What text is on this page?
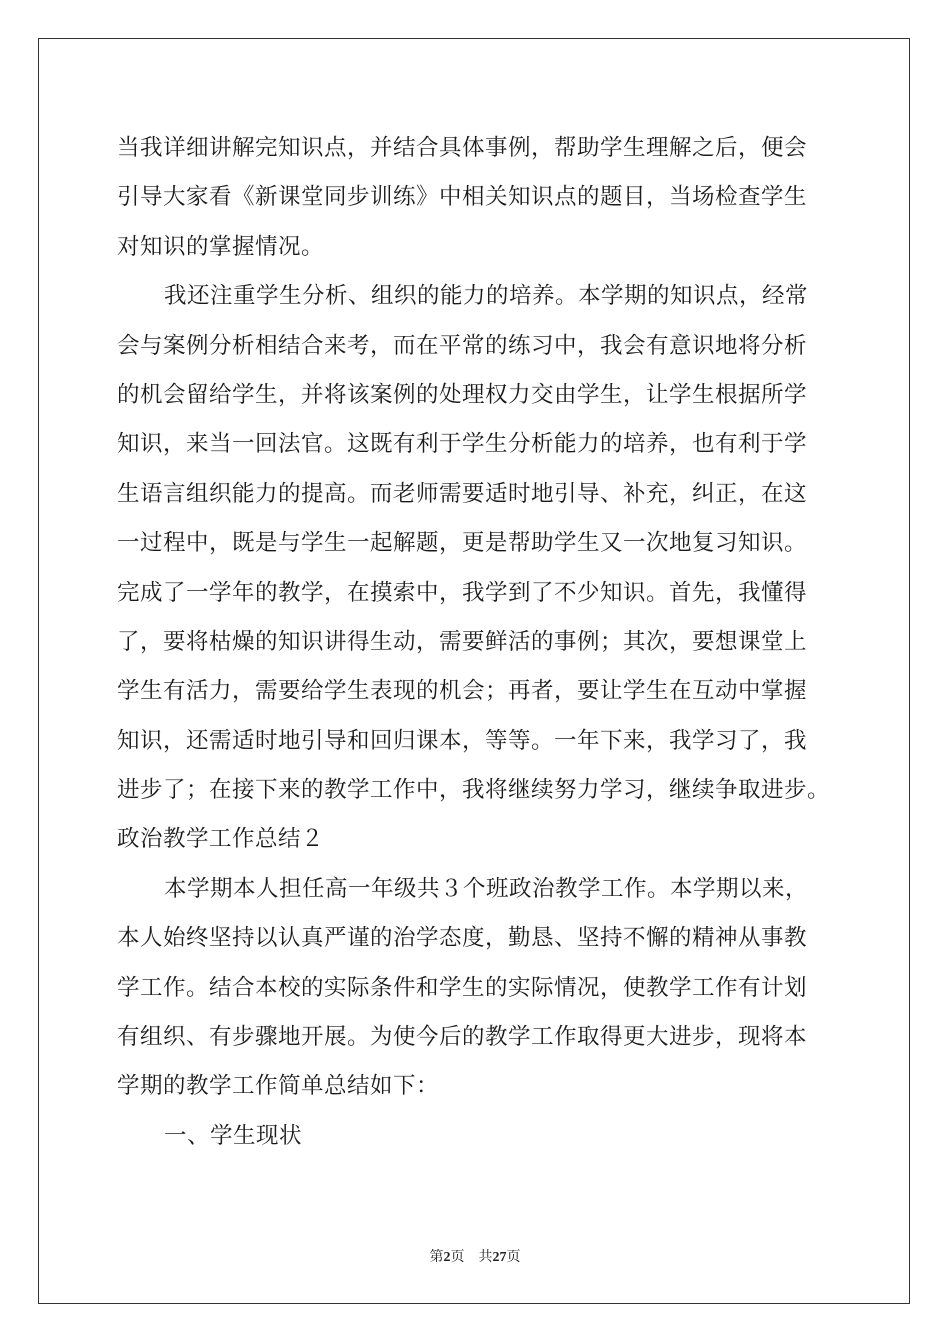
当我详细讲解完知识点，并结合具体事例，帮助学生理解之后，便会
引导大家看《新课堂同步训练》中相关知识点的题目，当场检查学生
对知识的掌握情况。
我还注重学生分析、组织的能力的培养。本学期的知识点，经常
会与案例分析相结合来考，而在平常的练习中，我会有意识地将分析
的机会留给学生，并将该案例的处理权力交由学生，让学生根据所学
知识，来当一回法官。这既有利于学生分析能力的培养，也有利于学
生语言组织能力的提高。而老师需要适时地引导、补充，纠正，在这
一过程中，既是与学生一起解题，更是帮助学生又一次地复习知识。
完成了一学年的教学，在摸索中，我学到了不少知识。首先，我懂得
了，要将枯燥的知识讲得生动，需要鲜活的事例；其次，要想课堂上
学生有活力，需要给学生表现的机会；再者，要让学生在互动中掌握
知识，还需适时地引导和回归课本，等等。一年下来，我学习了，我
进步了；在接下来的教学工作中，我将继续努力学习，继续争取进步。
政治教学工作总结２
本学期本人担任高一年级共３个班政治教学工作。本学期以来，
本人始终坚持以认真严谨的治学态度，勤恳、坚持不懈的精神从事教
学工作。结合本校的实际条件和学生的实际情况，使教学工作有计划
有组织、有步骤地开展。为使今后的教学工作取得更大进步，现将本
学期的教学工作简单总结如下：
一、学生现状
第2页 共27页
